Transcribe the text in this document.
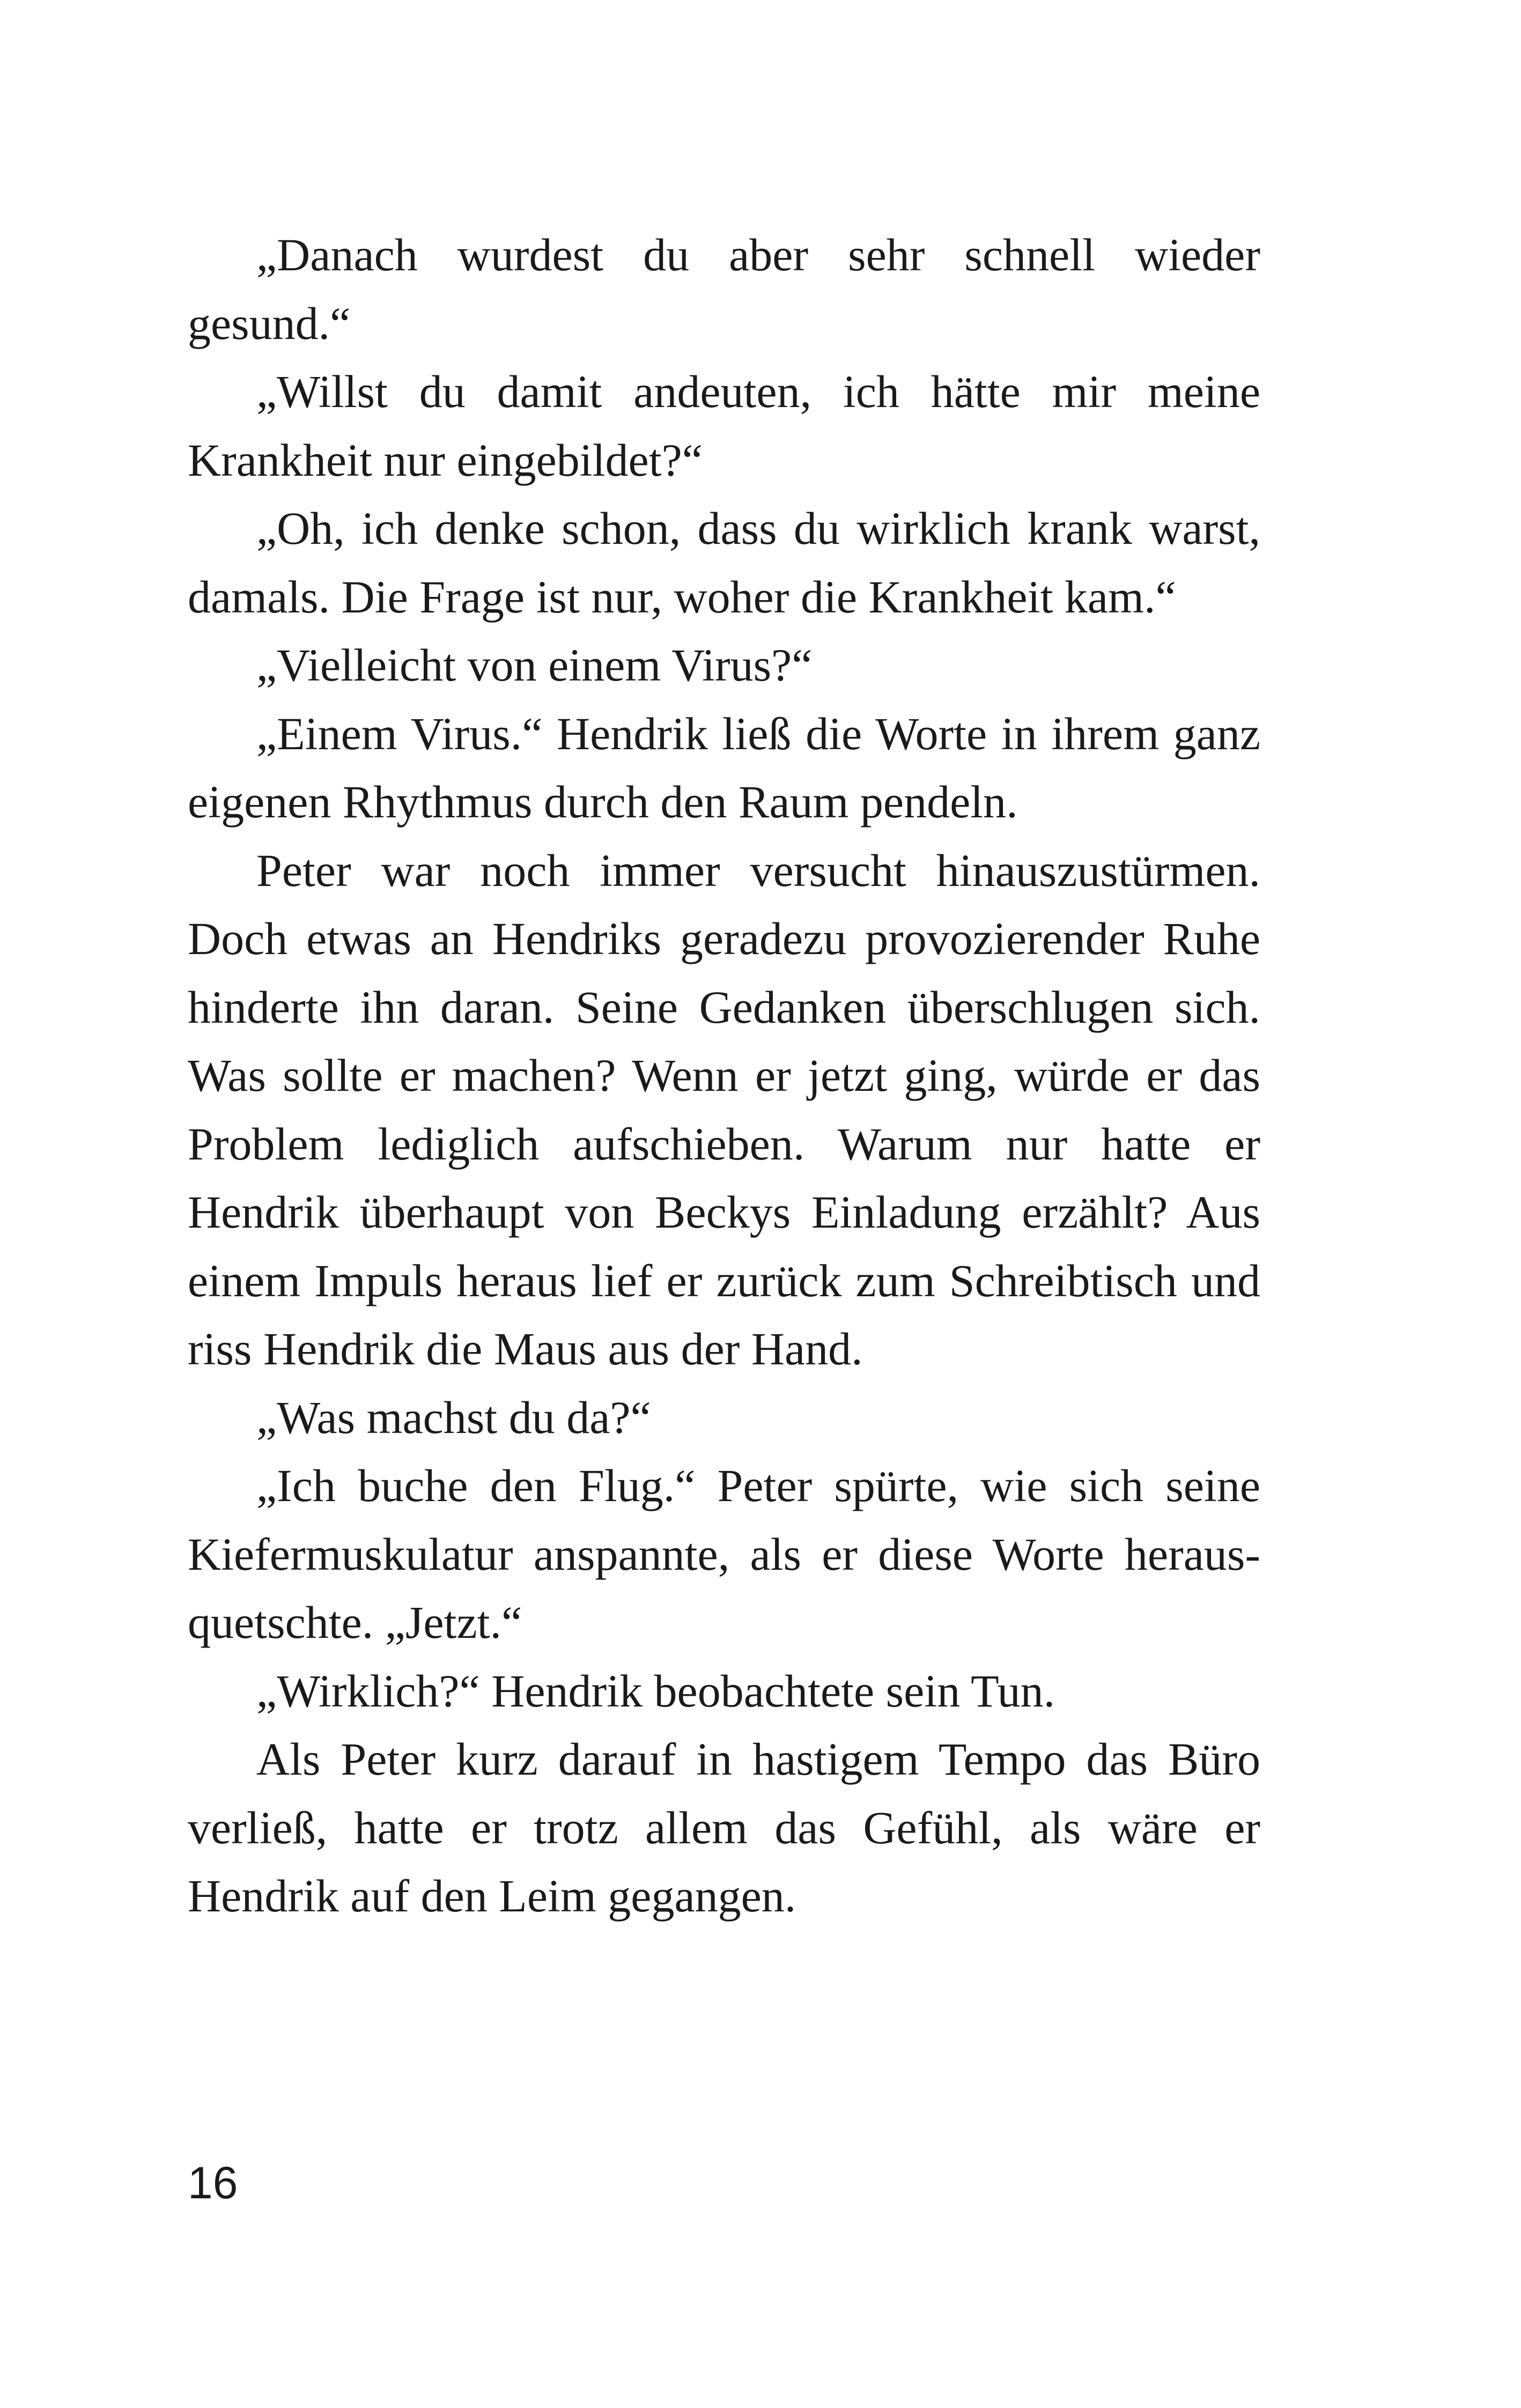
„Danach wurdest du aber sehr schnell wieder gesund.“

„Willst du damit andeuten, ich hätte mir meine Krankheit nur eingebildet?“

„Oh, ich denke schon, dass du wirklich krank warst, damals. Die Frage ist nur, woher die Krankheit kam.“

„Vielleicht von einem Virus?“

„Einem Virus.“ Hendrik ließ die Worte in ihrem ganz eigenen Rhythmus durch den Raum pendeln.

Peter war noch immer versucht hinauszustürmen. Doch etwas an Hendriks geradezu provozierender Ruhe hinderte ihn daran. Seine Gedanken überschlugen sich. Was sollte er machen? Wenn er jetzt ging, würde er das Problem lediglich aufschieben. Warum nur hatte er Hendrik überhaupt von Beckys Einladung erzählt? Aus einem Impuls heraus lief er zurück zum Schreibtisch und riss Hendrik die Maus aus der Hand.

„Was machst du da?“

„Ich buche den Flug.“ Peter spürte, wie sich seine Kiefermuskulatur anspannte, als er diese Worte herausquetschte. „Jetzt.“

„Wirklich?“ Hendrik beobachtete sein Tun.

Als Peter kurz darauf in hastigem Tempo das Büro verließ, hatte er trotz allem das Gefühl, als wäre er Hendrik auf den Leim gegangen.

16
